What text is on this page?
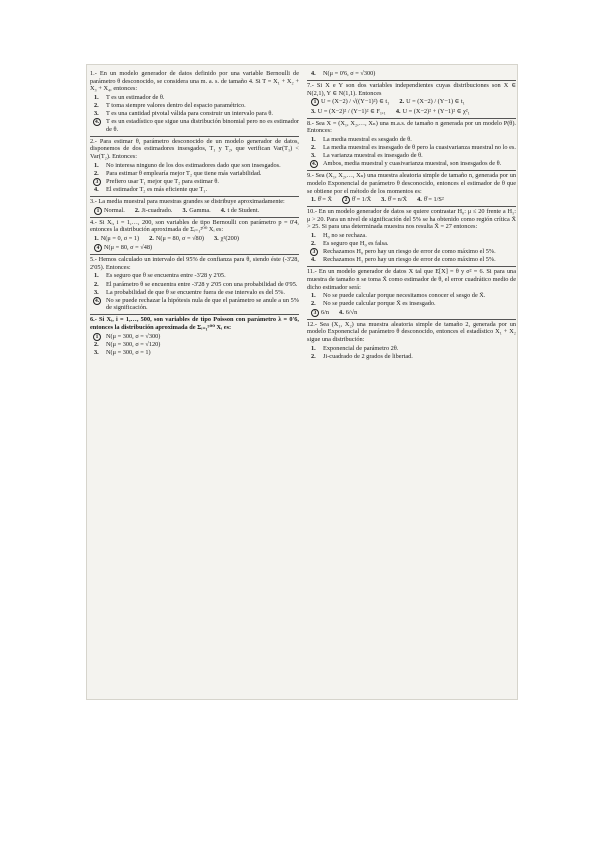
1.- En un modelo generador de datos definido por una variable Bernoulli de parámetro θ desconocido, se considera una m. a. s. de tamaño 4. Si T = X₁ + X₂ + X₃ + X₄, entonces:

1. T es un estimador de θ.
2. T toma siempre valores dentro del espacio paramétrico.
3. T es una cantidad pivotal válida para construir un intervalo para θ.
4.	T es un estadístico que sigue una distribución binomial pero no es estimador de θ.

2.- Para estimar θ, parámetro desconocido de un modelo generador de datos, disponemos de dos estimadores insesgados, T₁ y T₂, que verifican Var(T₁) < Var(T₂). Entonces:

1. No interesa ninguno de los dos estimadores dado que son insesgados.
2. Para estimar θ emplearía mejor T₂ que tiene más variabilidad.
3	Prefiero usar T₁ mejor que T₂ para estimar θ.
4. El estimador T₂ es más eficiente que T₁.

3.- La media muestral para muestras grandes se distribuye aproximadamente:

1 Normal. 2. Ji-cuadrado. 3. Gamma. 4. t de Student.

4.- Si Xᵢ, i = 1,…, 200, son variables de tipo Bernoulli con parámetro p = 0'4, entonces la distribución aproximada de Σᵢ₌₁²⁰⁰ Xᵢ es:

1. N(μ = 0, σ = 1) 2. N(μ = 80, σ = √80) 3. χ²(200)
4 N(μ = 80, σ = √48)

5.- Hemos calculado un intervalo del 95% de confianza para θ, siendo éste (-3'28, 2'05). Entonces:

1. Es seguro que θ se encuentra entre -3'28 y 2'05.
2. El parámetro θ se encuentra entre -3'28 y 2'05 con una probabilidad de 0'95.
3. La probabilidad de que θ se encuentre fuera de ese intervalo es del 5%.
4.	No se puede rechazar la hipótesis nula de que el parámetro se anule a un 5% de significación.

6.- Si Xᵢ, i = 1,…, 500, son variables de tipo Poisson con parámetro λ = 0'6, entonces la distribución aproximada de Σᵢ₌₁⁵⁰⁰ Xᵢ es:

1	N(μ = 300, σ = √300)
2. N(μ = 300, σ = √120)
3. N(μ = 300, σ = 1)
4. N(μ = 0'6, σ = √300)

7.- Si X e Y son dos variables independientes cuyas distribuciones son X ∈ N(2,1), Y ∈ N(1,1). Entonces

1 U = (X−2) / √((Y−1)²) ∈ t₁ 2. U = (X−2) / (Y−1) ∈ t₁
3. U = (X−2)² / (Y−1)² ∈ F₁,₁ 4. U = (X−2)² + (Y−1)² ∈ χ²₁

8.- Sea X = (X₁, X₂,…, Xₙ) una m.a.s. de tamaño n generada por un modelo P(θ). Entonces:

1. La media muestral es sesgado de θ.
2. La media muestral es insesgado de θ pero la cuasivarianza muestral no lo es.
3. La varianza muestral es insesgado de θ.
4.	Ambos, media muestral y cuasivarianza muestral, son insesgados de θ.

9.- Sea (X₁, X₂,…, Xₙ) una muestra aleatoria simple de tamaño n, generada por un modelo Exponencial de parámetro θ desconocido, entonces el estimador de θ que se obtiene por el método de los momentos es:

1. θ̂ = X̄	2 θ̂ = 1/X̄ 3. θ̂ = n/X̄ 4. θ̂ = 1/S²

10.- En un modelo generador de datos se quiere contrastar H₀: μ ≤ 20 frente a H₁: μ > 20. Para un nivel de significación del 5% se ha obtenido como región crítica X̄ > 25. Si para una determinada muestra nos resulta X̄ = 27 entonces:

1. H₀ no se rechaza.
2. Es seguro que H₀ es falsa.
3	Rechazamos H₀ pero hay un riesgo de error de como máximo el 5%.
4. Rechazamos H₁ pero hay un riesgo de error de como máximo el 5%.

11.- En un modelo generador de datos X tal que E[X] = θ y σ² = 6. Si para una muestra de tamaño n se toma X̄ como estimador de θ, el error cuadrático medio de dicho estimador será:

1. No se puede calcular porque necesitamos conocer el sesgo de X̄.
2. No se puede calcular porque X̄ es insesgado.
3 6/n 4. 6/√n

12.- Sea (X₁, X₂) una muestra aleatoria simple de tamaño 2, generada por un modelo Exponencial de parámetro θ desconocido, entonces el estadístico X₁ + X₂ sigue una distribución:

1. Exponencial de parámetro 2θ.
2. Ji-cuadrado de 2 grados de libertad.
